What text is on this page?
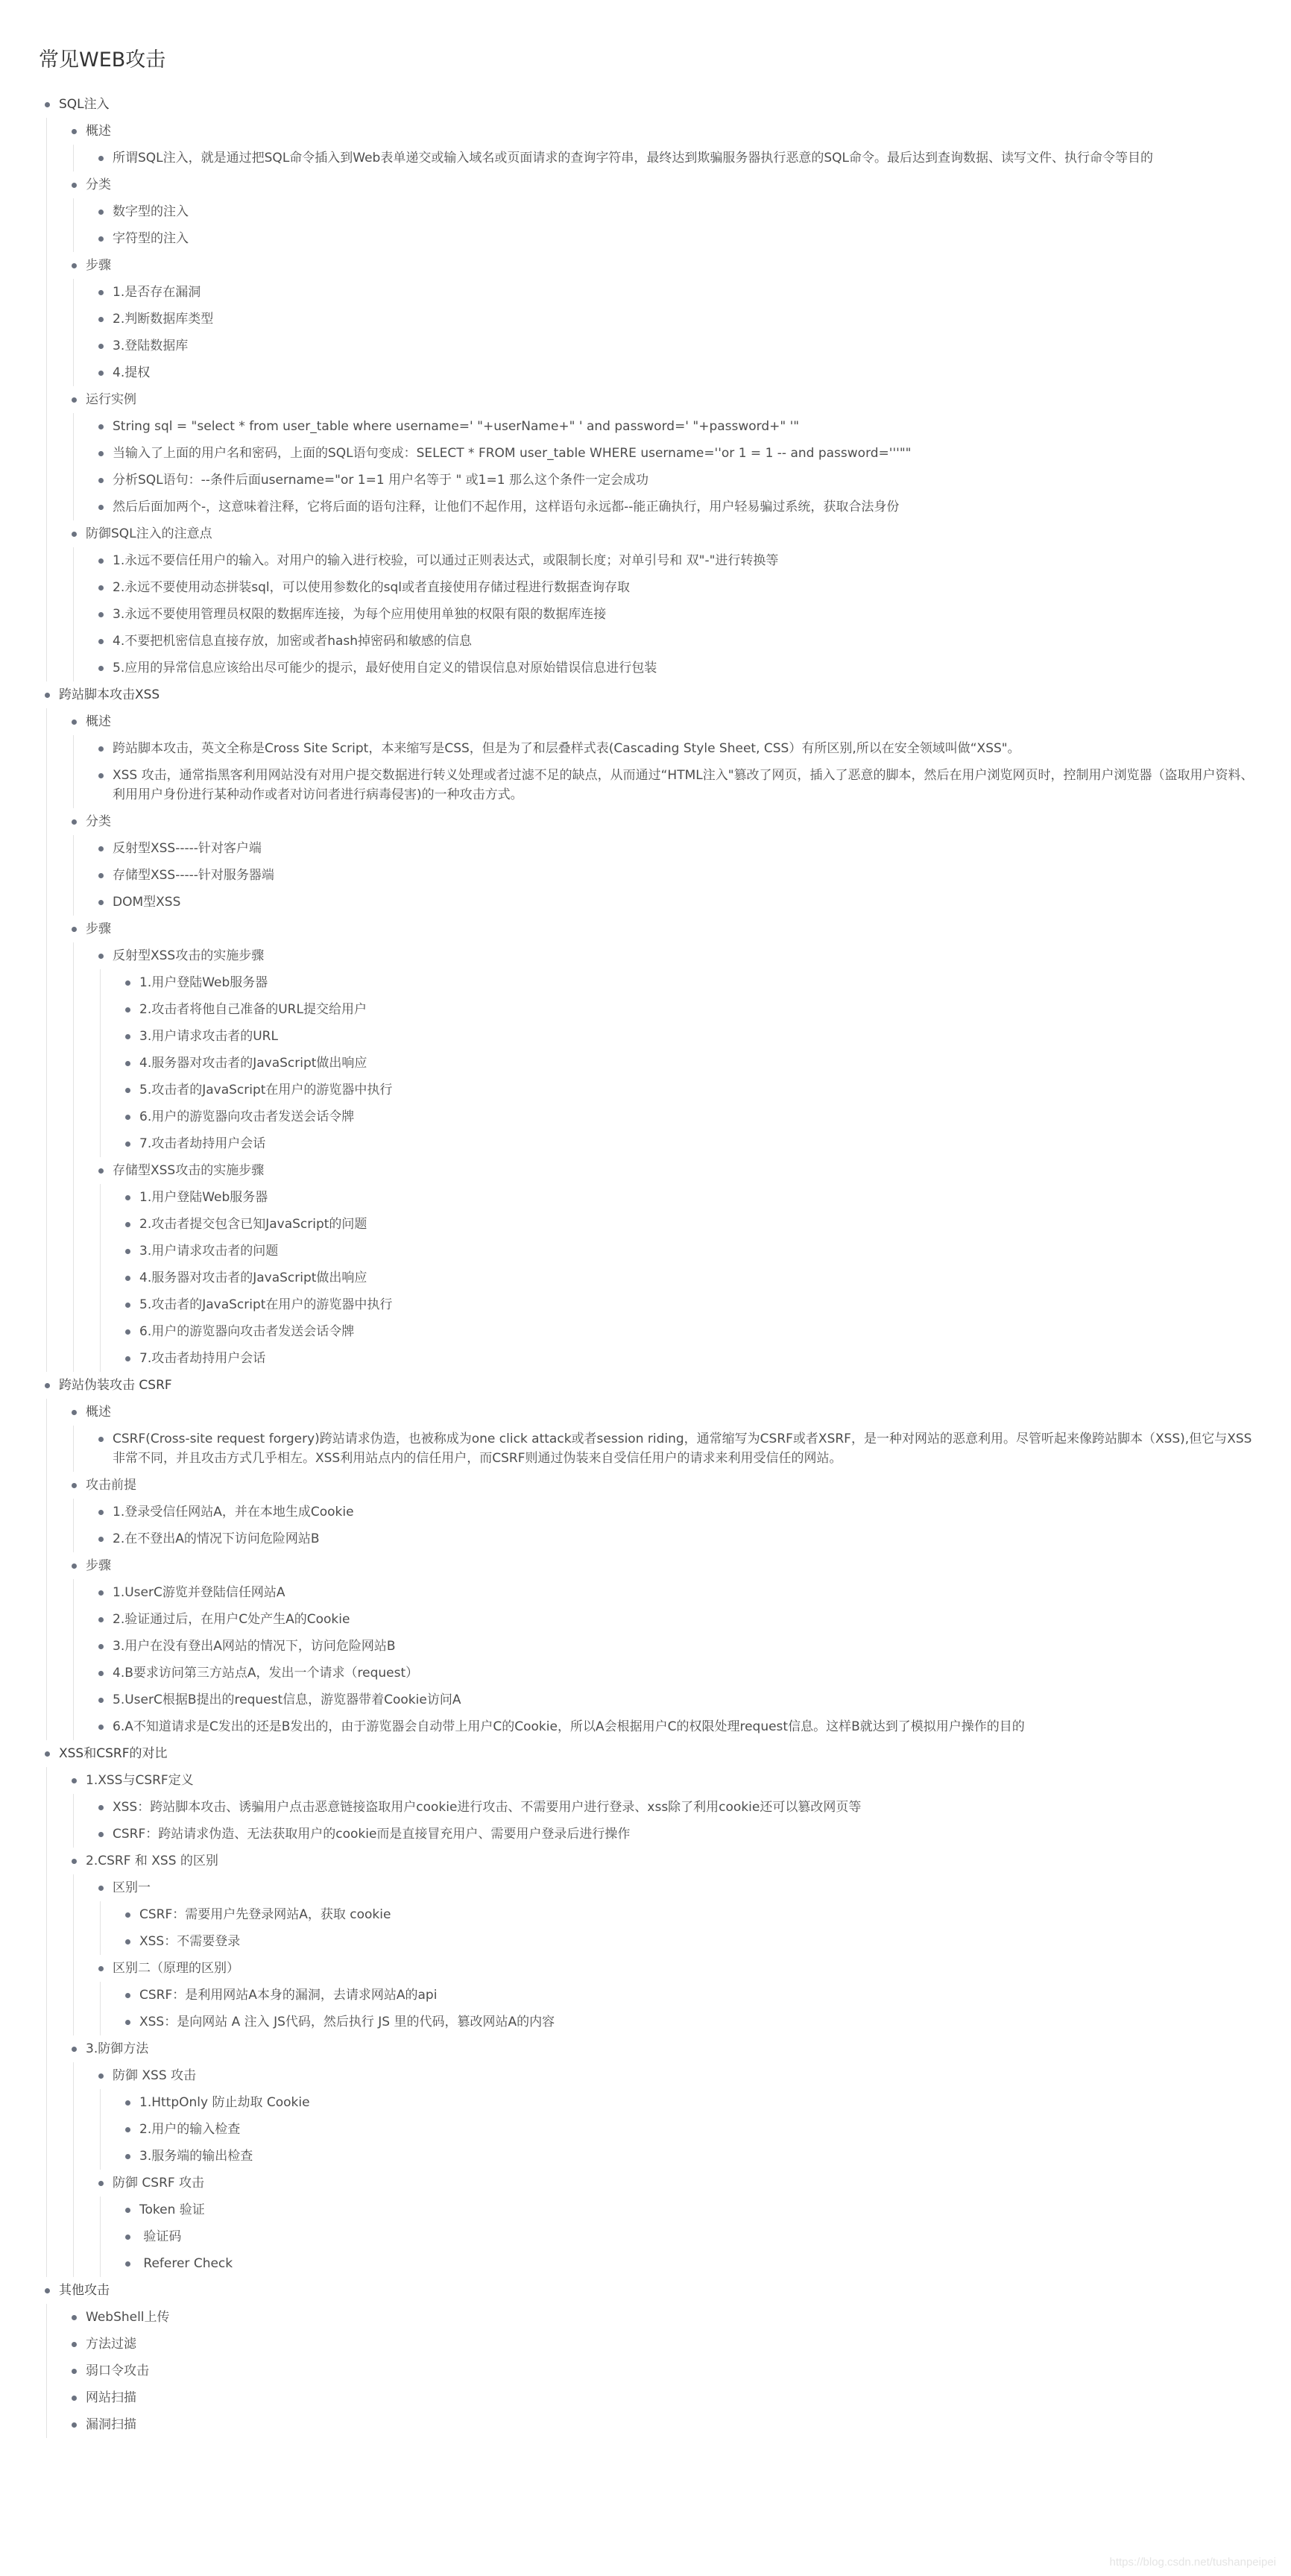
常见WEB攻击
SQL注入
概述
所谓SQL注入，就是通过把SQL命令插入到Web表单递交或输入域名或页面请求的查询字符串，最终达到欺骗服务器执行恶意的SQL命令。最后达到查询数据、读写文件、执行命令等目的
分类
数字型的注入
字符型的注入
步骤
1.是否存在漏洞
2.判断数据库类型
3.登陆数据库
4.提权
运行实例
String sql = "select * from user_table where username=' "+userName+" ' and password=' "+password+" '"
当输入了上面的用户名和密码，上面的SQL语句变成：SELECT * FROM user_table WHERE username=''or 1 = 1 -- and password='''""
分析SQL语句：--条件后面username="or 1=1 用户名等于 " 或1=1 那么这个条件一定会成功
然后后面加两个-，这意味着注释，它将后面的语句注释，让他们不起作用，这样语句永远都--能正确执行，用户轻易骗过系统，获取合法身份
防御SQL注入的注意点
1.永远不要信任用户的输入。对用户的输入进行校验，可以通过正则表达式，或限制长度；对单引号和 双"-"进行转换等
2.永远不要使用动态拼装sql，可以使用参数化的sql或者直接使用存储过程进行数据查询存取
3.永远不要使用管理员权限的数据库连接，为每个应用使用单独的权限有限的数据库连接
4.不要把机密信息直接存放，加密或者hash掉密码和敏感的信息
5.应用的异常信息应该给出尽可能少的提示，最好使用自定义的错误信息对原始错误信息进行包装
跨站脚本攻击XSS
概述
跨站脚本攻击，英文全称是Cross Site Script，本来缩写是CSS，但是为了和层叠样式表(Cascading Style Sheet, CSS）有所区别,所以在安全领域叫做“XSS"。
XSS 攻击，通常指黑客利用网站没有对用户提交数据进行转义处理或者过滤不足的缺点，从而通过“HTML注入"篡改了网页，插入了恶意的脚本，然后在用户浏览网页时，控制用户浏览器（盗取用户资料、利用用户身份进行某种动作或者对访问者进行病毒侵害)的一种攻击方式。
分类
反射型XSS-----针对客户端
存储型XSS-----针对服务器端
DOM型XSS
步骤
反射型XSS攻击的实施步骤
1.用户登陆Web服务器
2.攻击者将他自己准备的URL提交给用户
3.用户请求攻击者的URL
4.服务器对攻击者的JavaScript做出响应
5.攻击者的JavaScript在用户的游览器中执行
6.用户的游览器向攻击者发送会话令牌
7.攻击者劫持用户会话
存储型XSS攻击的实施步骤
1.用户登陆Web服务器
2.攻击者提交包含已知JavaScript的问题
3.用户请求攻击者的问题
4.服务器对攻击者的JavaScript做出响应
5.攻击者的JavaScript在用户的游览器中执行
6.用户的游览器向攻击者发送会话令牌
7.攻击者劫持用户会话
跨站伪装攻击 CSRF
概述
CSRF(Cross-site request forgery)跨站请求伪造，也被称成为one click attack或者session riding，通常缩写为CSRF或者XSRF，是一种对网站的恶意利用。尽管听起来像跨站脚本（XSS),但它与XSS非常不同，并且攻击方式几乎相左。XSS利用站点内的信任用户，而CSRF则通过伪装来自受信任用户的请求来利用受信任的网站。
攻击前提
1.登录受信任网站A，并在本地生成Cookie
2.在不登出A的情况下访问危险网站B
步骤
1.UserC游览并登陆信任网站A
2.验证通过后，在用户C处产生A的Cookie
3.用户在没有登出A网站的情况下，访问危险网站B
4.B要求访问第三方站点A，发出一个请求（request）
5.UserC根据B提出的request信息，游览器带着Cookie访问A
6.A不知道请求是C发出的还是B发出的，由于游览器会自动带上用户C的Cookie，所以A会根据用户C的权限处理request信息。这样B就达到了模拟用户操作的目的
XSS和CSRF的对比
1.XSS与CSRF定义
XSS：跨站脚本攻击、诱骗用户点击恶意链接盗取用户cookie进行攻击、不需要用户进行登录、xss除了利用cookie还可以篡改网页等
CSRF：跨站请求伪造、无法获取用户的cookie而是直接冒充用户、需要用户登录后进行操作
2.CSRF 和 XSS 的区别
区别一
CSRF：需要用户先登录网站A，获取 cookie
XSS：不需要登录
区别二（原理的区别）
CSRF：是利用网站A本身的漏洞，去请求网站A的api
XSS：是向网站 A 注入 JS代码，然后执行 JS 里的代码，篡改网站A的内容
3.防御方法
防御 XSS 攻击
1.HttpOnly 防止劫取 Cookie
2.用户的输入检查
3.服务端的输出检查
防御 CSRF 攻击
Token 验证
验证码
Referer Check
其他攻击
WebShell上传
方法过滤
弱口令攻击
网站扫描
漏洞扫描
https://blog.csdn.net/tushanpeipei
